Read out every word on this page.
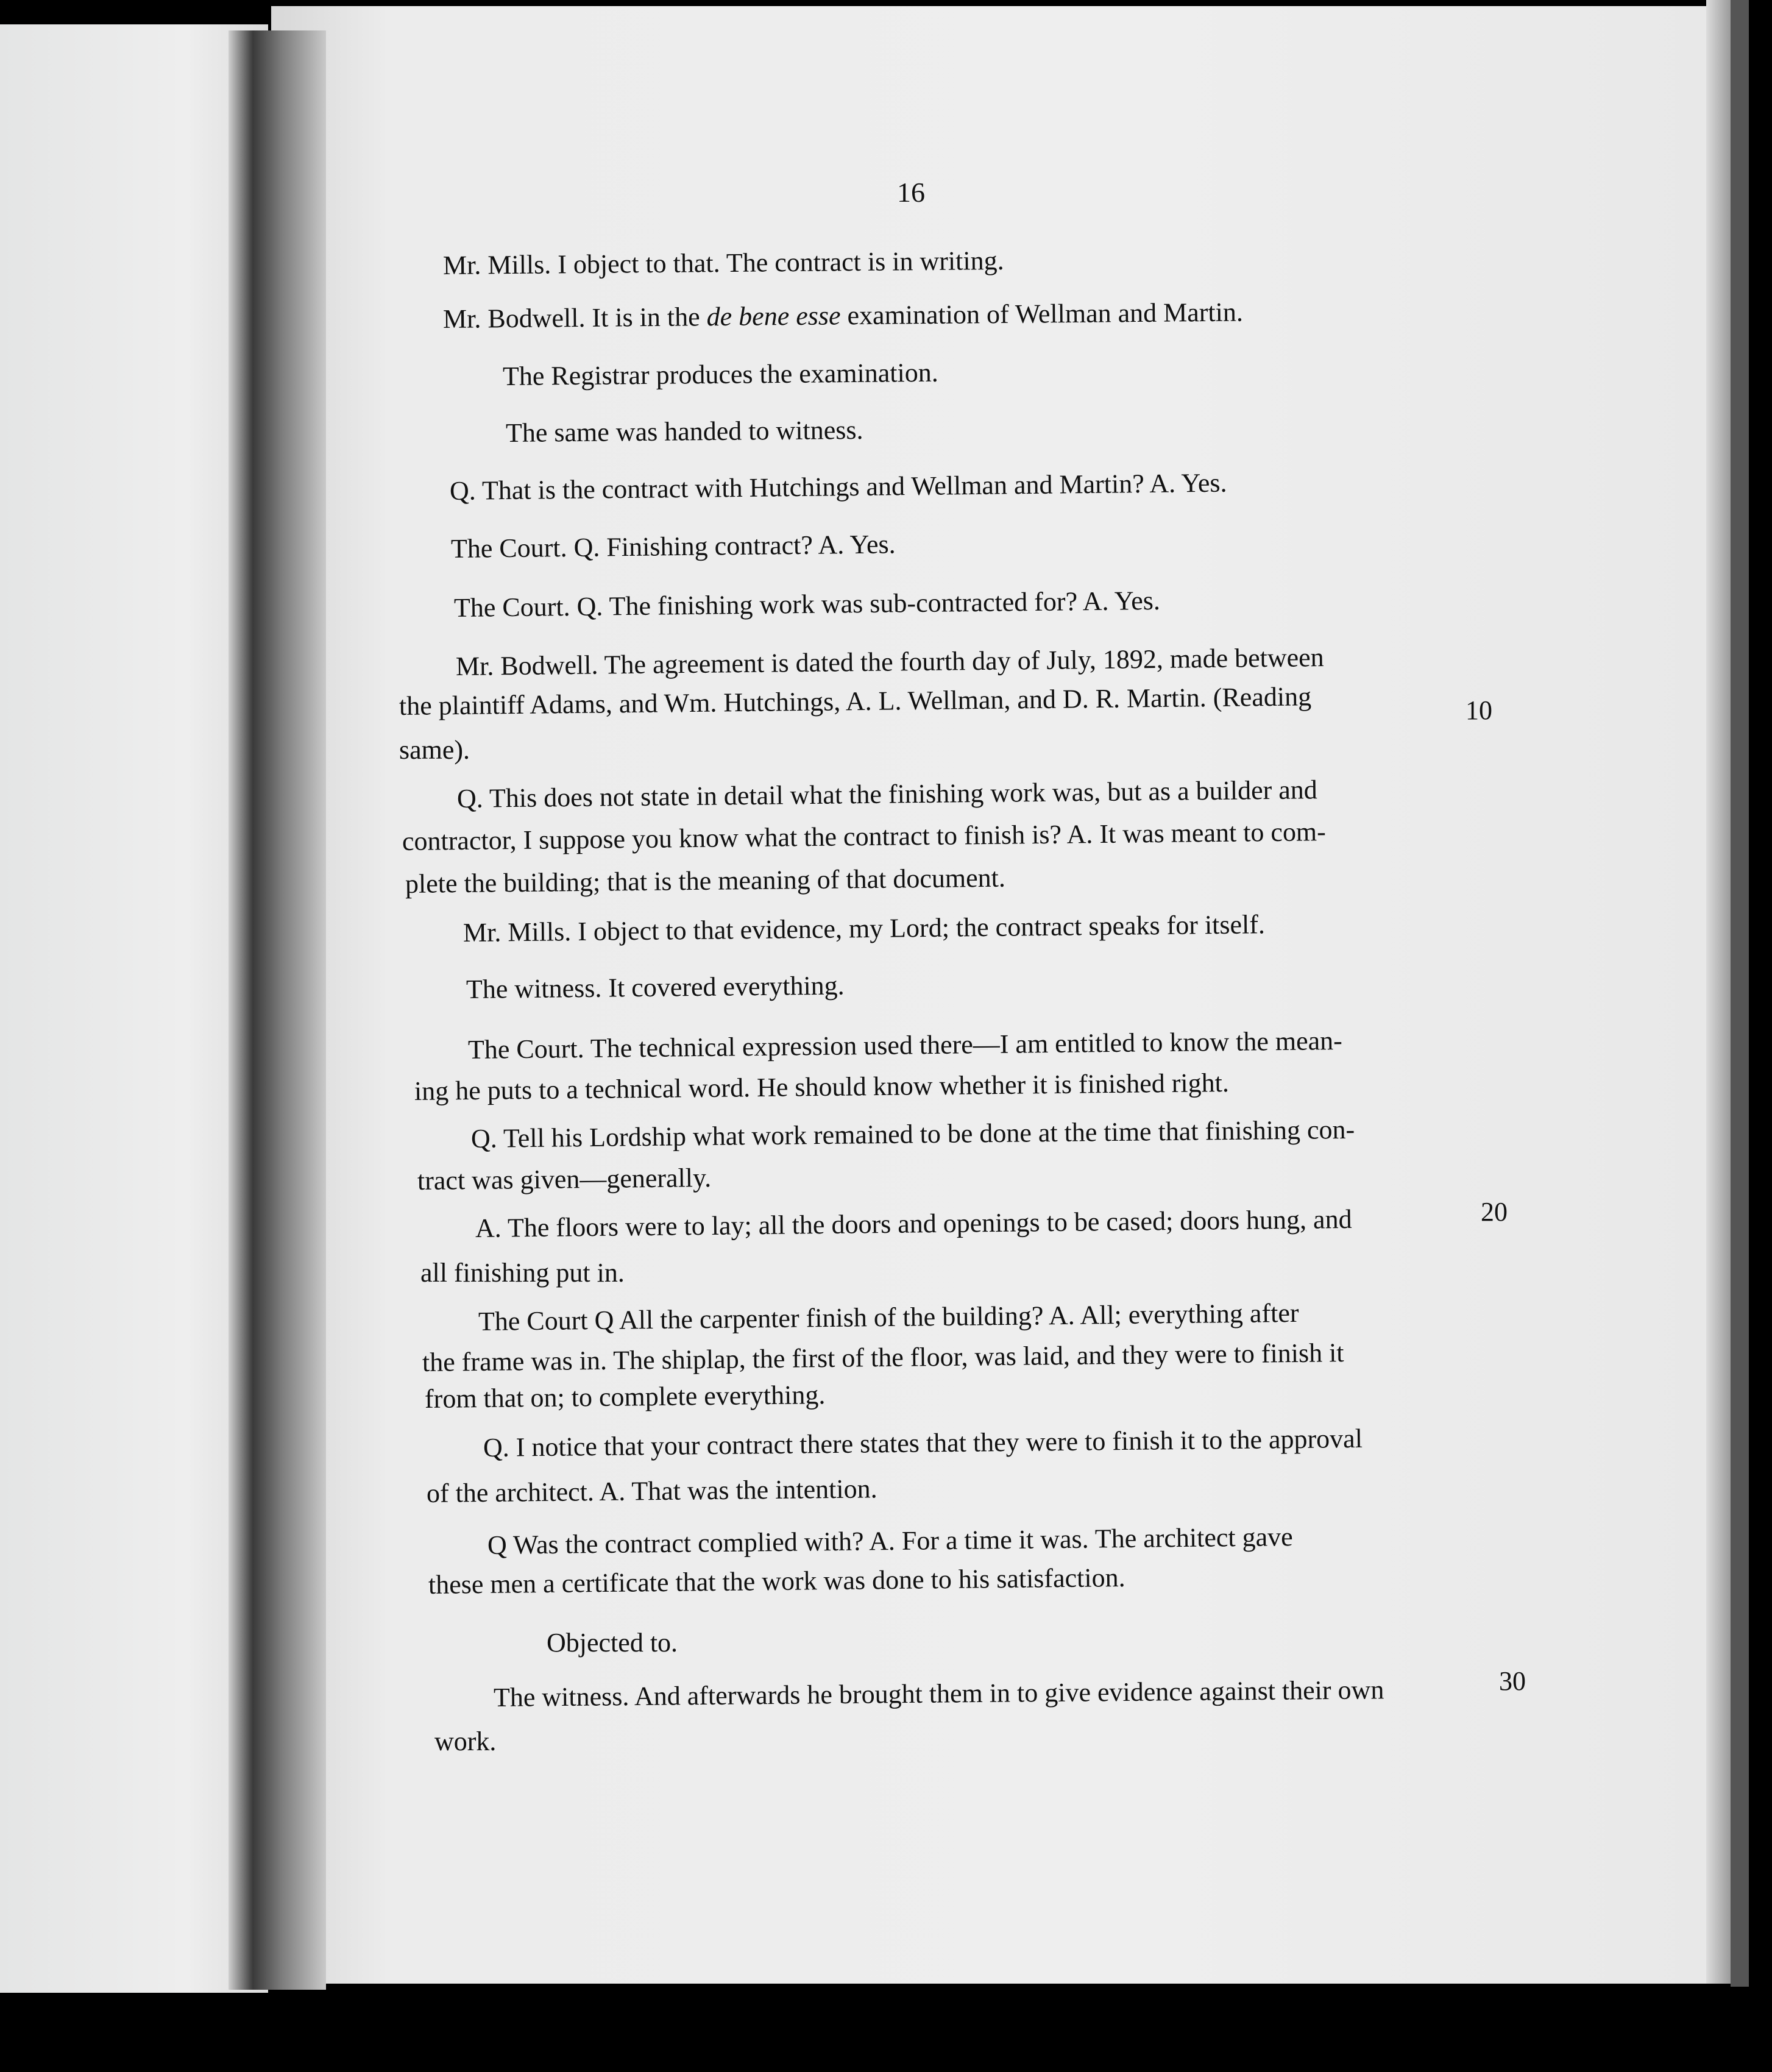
16
Mr. Mills. I object to that. The contract is in writing.
Mr. Bodwell. It is in the de bene esse examination of Wellman and Martin.
The Registrar produces the examination.
The same was handed to witness.
Q. That is the contract with Hutchings and Wellman and Martin? A. Yes.
The Court. Q. Finishing contract? A. Yes.
The Court. Q. The finishing work was sub-contracted for? A. Yes.
Mr. Bodwell. The agreement is dated the fourth day of July, 1892, made between
the plaintiff Adams, and Wm. Hutchings, A. L. Wellman, and D. R. Martin. (Reading	10
same).
Q. This does not state in detail what the finishing work was, but as a builder and
contractor, I suppose you know what the contract to finish is? A. It was meant to com-
plete the building; that is the meaning of that document.
Mr. Mills. I object to that evidence, my Lord; the contract speaks for itself.
The witness. It covered everything.
The Court. The technical expression used there—I am entitled to know the mean-
ing he puts to a technical word. He should know whether it is finished right.
Q. Tell his Lordship what work remained to be done at the time that finishing con-
tract was given—generally.
A. The floors were to lay; all the doors and openings to be cased; doors hung, and	20
all finishing put in.
The Court Q All the carpenter finish of the building? A. All; everything after
the frame was in. The shiplap, the first of the floor, was laid, and they were to finish it
from that on; to complete everything.
Q. I notice that your contract there states that they were to finish it to the approval
of the architect. A. That was the intention.
Q Was the contract complied with? A. For a time it was. The architect gave
these men a certificate that the work was done to his satisfaction.
Objected to.
The witness. And afterwards he brought them in to give evidence against their own	30
work.
